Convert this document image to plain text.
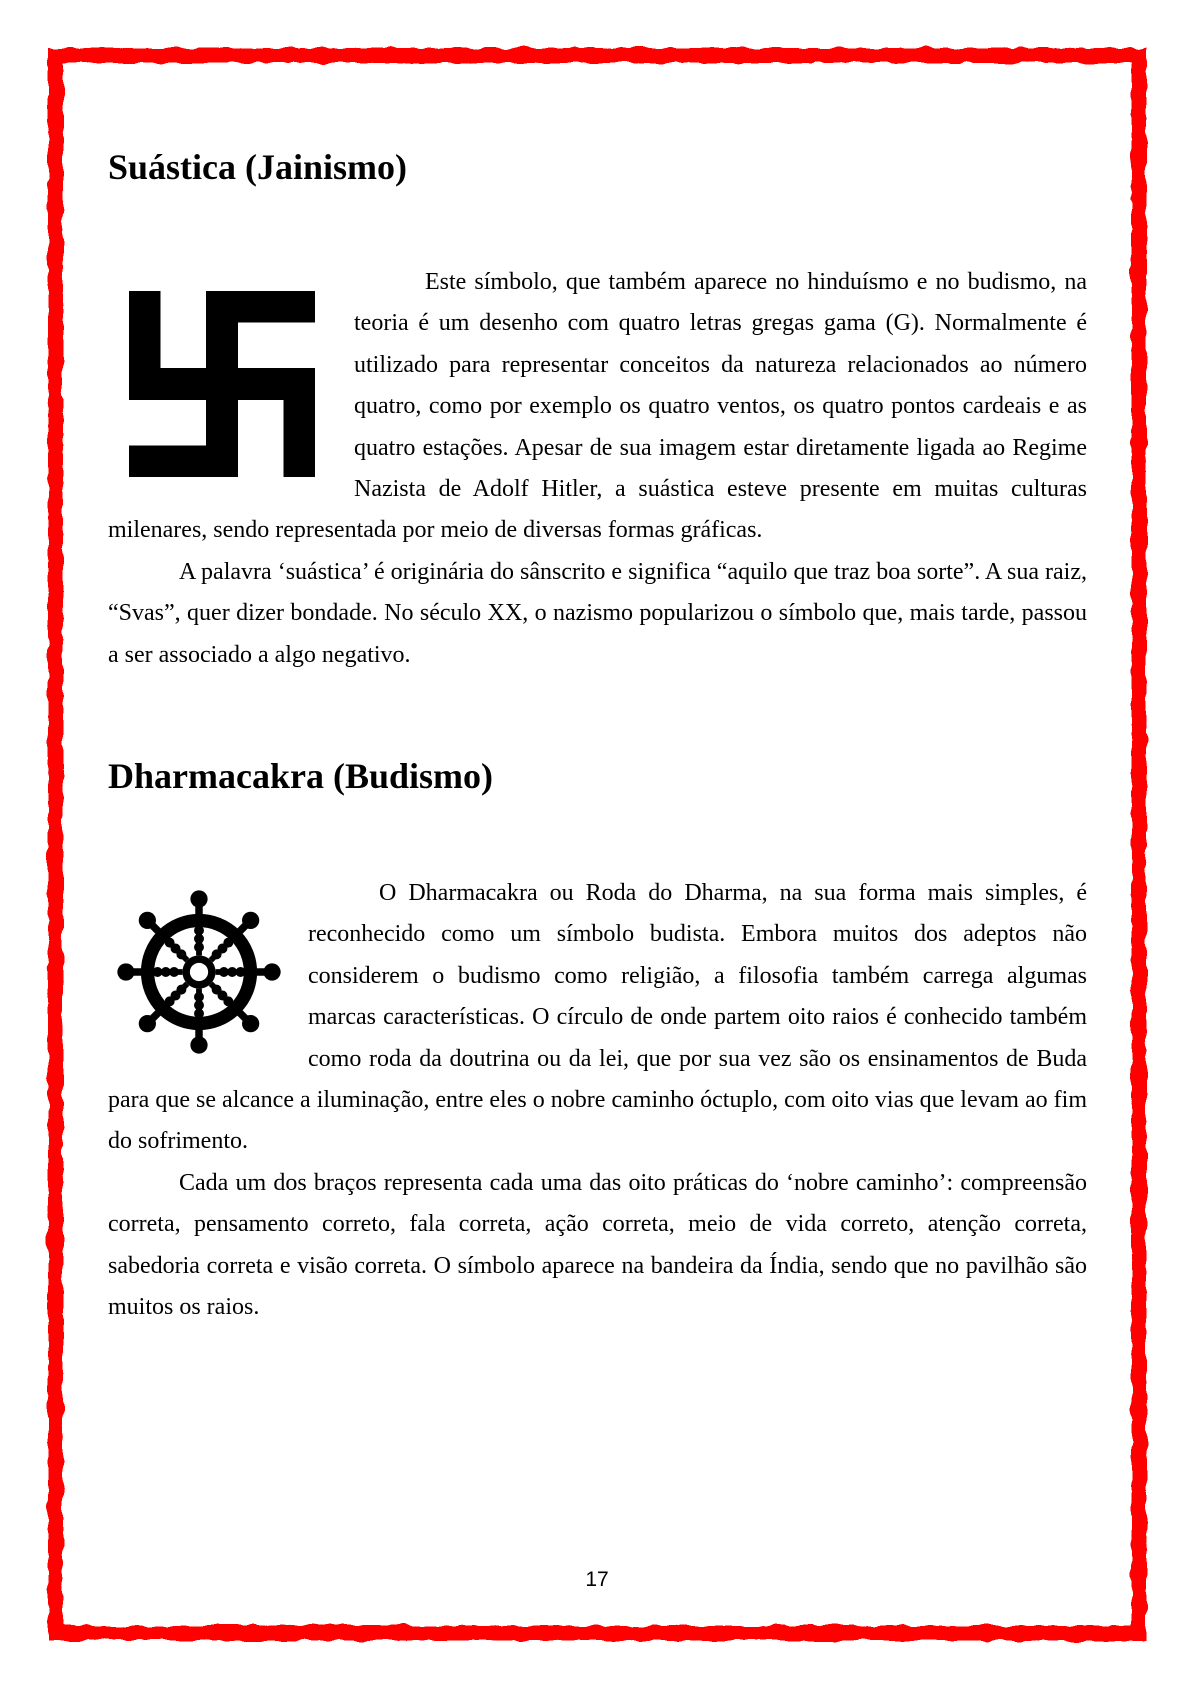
Suástica (Jainismo)

Este símbolo, que também aparece no hinduísmo e no budismo, na teoria é um desenho com quatro letras gregas gama (G). Normalmente é utilizado para representar conceitos da natureza relacionados ao número quatro, como por exemplo os quatro ventos, os quatro pontos cardeais e as quatro estações. Apesar de sua imagem estar diretamente ligada ao Regime Nazista de Adolf Hitler, a suástica esteve presente em muitas culturas milenares, sendo representada por meio de diversas formas gráficas.

A palavra ‘suástica’ é originária do sânscrito e significa “aquilo que traz boa sorte”. A sua raiz, “Svas”, quer dizer bondade. No século XX, o nazismo popularizou o símbolo que, mais tarde, passou a ser associado a algo negativo.

Dharmacakra (Budismo)

O Dharmacakra ou Roda do Dharma, na sua forma mais simples, é reconhecido como um símbolo budista. Embora muitos dos adeptos não considerem o budismo como religião, a filosofia também carrega algumas marcas características. O círculo de onde partem oito raios é conhecido também como roda da doutrina ou da lei, que por sua vez são os ensinamentos de Buda para que se alcance a iluminação, entre eles o nobre caminho óctuplo, com oito vias que levam ao fim do sofrimento.

Cada um dos braços representa cada uma das oito práticas do ‘nobre caminho’: compreensão correta, pensamento correto, fala correta, ação correta, meio de vida correto, atenção correta, sabedoria correta e visão correta. O símbolo aparece na bandeira da Índia, sendo que no pavilhão são muitos os raios.

17
